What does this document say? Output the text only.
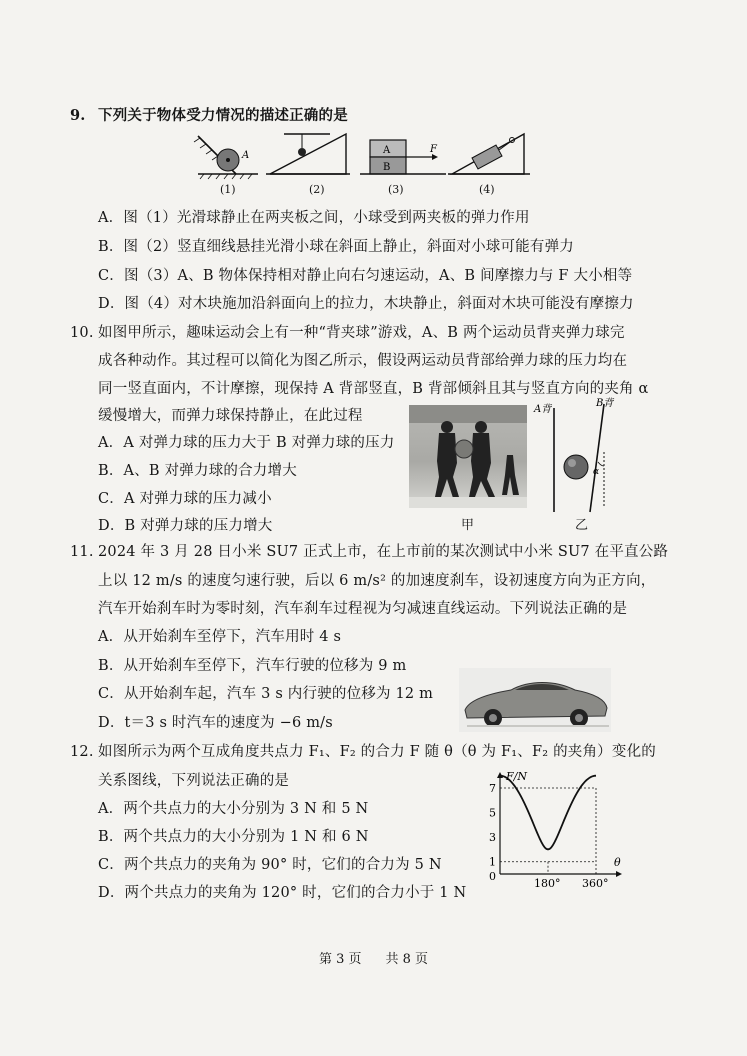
9. 下列关于物体受力情况的描述正确的是
A	A
B
F
(1)	(2)	(3)	(4)
A．图（1）光滑球静止在两夹板之间，小球受到两夹板的弹力作用
B．图（2）竖直细线悬挂光滑小球在斜面上静止，斜面对小球可能有弹力
C．图（3）A、B 物体保持相对静止向右匀速运动，A、B 间摩擦力与 F 大小相等
D．图（4）对木块施加沿斜面向上的拉力，木块静止，斜面对木块可能没有摩擦力
10. 如图甲所示，趣味运动会上有一种“背夹球”游戏，A、B 两个运动员背夹弹力球完
成各种动作。其过程可以简化为图乙所示，假设两运动员背部给弹力球的压力均在
同一竖直面内，不计摩擦，现保持 A 背部竖直，B 背部倾斜且其与竖直方向的夹角 α
缓慢增大，而弹力球保持静止，在此过程
A．A 对弹力球的压力大于 B 对弹力球的压力
B．A、B 对弹力球的合力增大
C．A 对弹力球的压力减小
D．B 对弹力球的压力增大	甲
A背
B背
α
乙
11. 2024 年 3 月 28 日小米 SU7 正式上市，在上市前的某次测试中小米 SU7 在平直公路
上以 12 m/s 的速度匀速行驶，后以 6 m/s² 的加速度刹车，设初速度方向为正方向，
汽车开始刹车时为零时刻，汽车刹车过程视为匀减速直线运动。下列说法正确的是
A．从开始刹车至停下，汽车用时 4 s
B．从开始刹车至停下，汽车行驶的位移为 9 m
C．从开始刹车起，汽车 3 s 内行驶的位移为 12 m
D．t＝3 s 时汽车的速度为 −6 m/s
12. 如图所示为两个互成角度共点力 F₁、F₂ 的合力 F 随 θ（θ 为 F₁、F₂ 的夹角）变化的
关系图线，下列说法正确的是
A．两个共点力的大小分别为 3 N 和 5 N
B．两个共点力的大小分别为 1 N 和 6 N
C．两个共点力的夹角为 90° 时，它们的合力为 5 N
D．两个共点力的夹角为 120° 时，它们的合力小于 1 N
7
5
3
1
180° 360°
F/N
θ
0
第 3 页 共 8 页
